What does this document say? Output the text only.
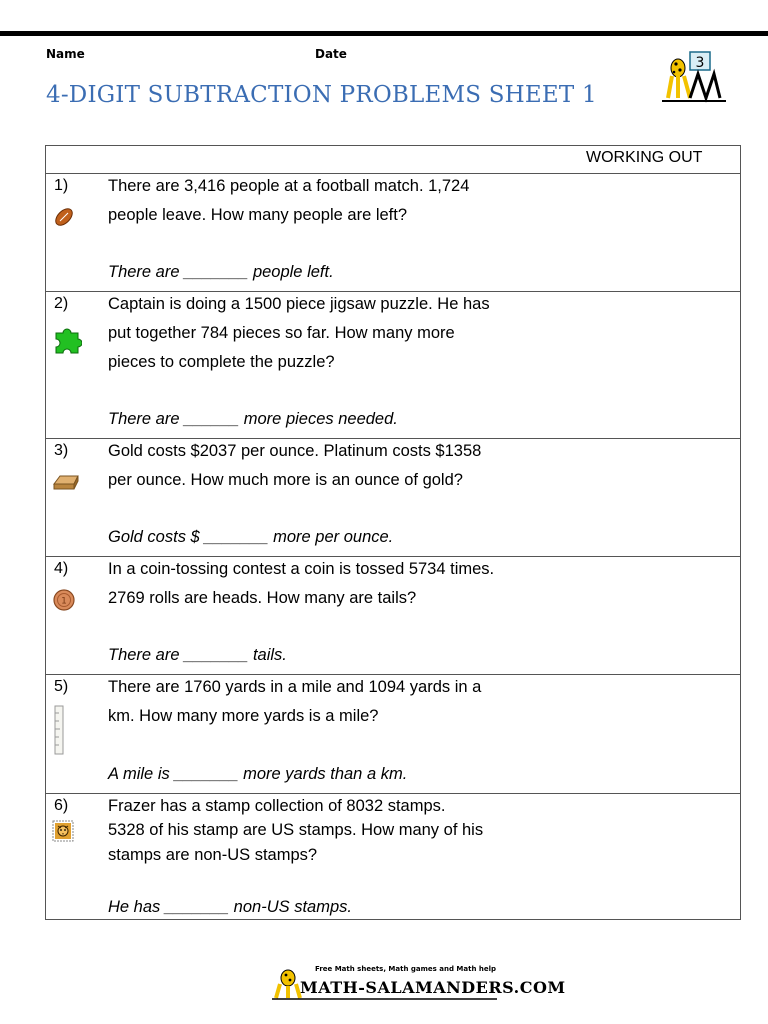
Name	Date
4-DIGIT SUBTRACTION PROBLEMS SHEET 1
3
WORKING OUT

1) There are 3,416 people at a football match. 1,724
people leave. How many people are left?
There are _______ people left.

2) Captain is doing a 1500 piece jigsaw puzzle. He has
put together 784 pieces so far. How many more
pieces to complete the puzzle?
There are ______ more pieces needed.

3) Gold costs $2037 per ounce. Platinum costs $1358
per ounce. How much more is an ounce of gold?
Gold costs $ _______ more per ounce.

4)
1
In a coin-tossing contest a coin is tossed 5734 times.
2769 rolls are heads. How many are tails?
There are _______ tails.

5) There are 1760 yards in a mile and 1094 yards in a
km. How many more yards is a mile?
A mile is _______ more yards than a km.

6) Frazer has a stamp collection of 8032 stamps.
5328 of his stamp are US stamps. How many of his
stamps are non-US stamps?
He has _______ non-US stamps.
Free Math sheets, Math games and Math help
MATH-SALAMANDERS.COM
